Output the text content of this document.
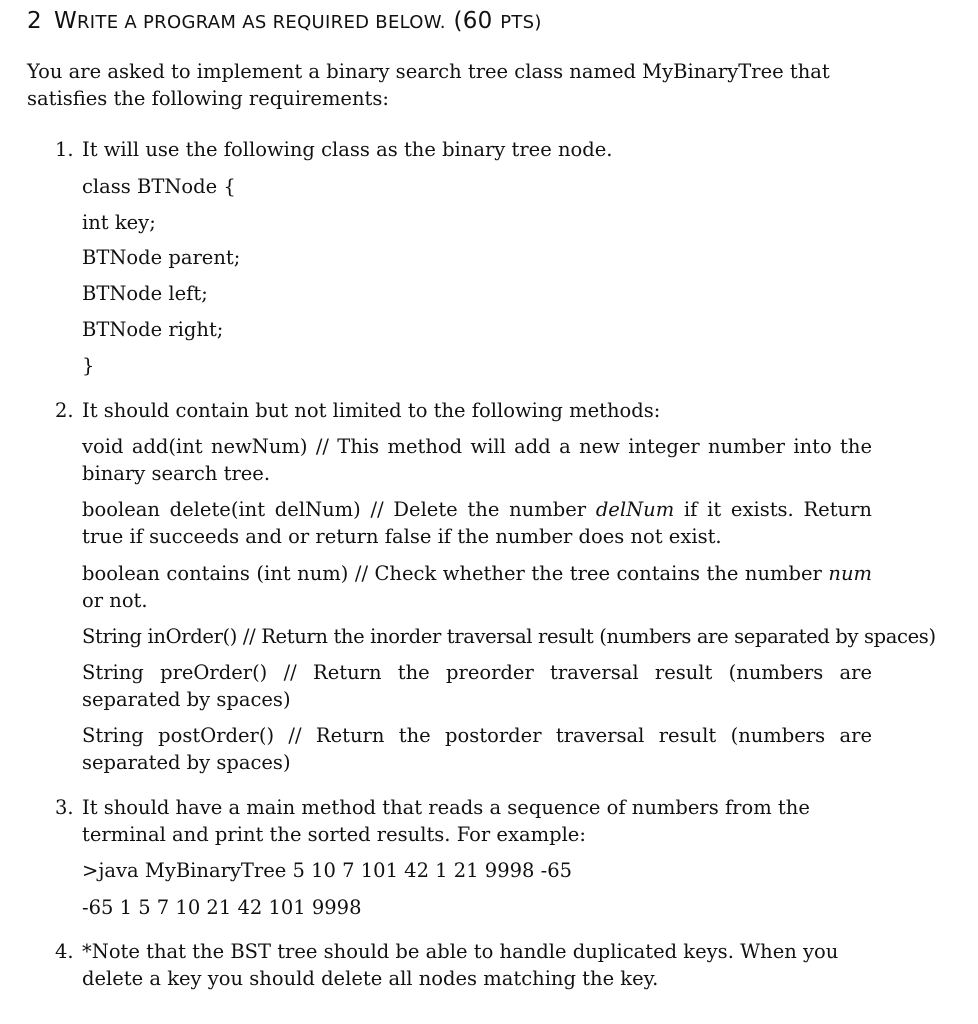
2 WRITE A PROGRAM AS REQUIRED BELOW. (60 PTS)
You are asked to implement a binary search tree class named MyBinaryTree that satisfies the following requirements:
1. It will use the following class as the binary tree node.
class BTNode {
int key;
BTNode parent;
BTNode left;
BTNode right;
}
2. It should contain but not limited to the following methods:
void add(int newNum) // This method will add a new integer number into the binary search tree.
boolean delete(int delNum) // Delete the number delNum if it exists. Return true if succeeds and or return false if the number does not exist.
boolean contains (int num) // Check whether the tree contains the number num or not.
String inOrder() // Return the inorder traversal result (numbers are separated by spaces)
String preOrder() // Return the preorder traversal result (numbers are separated by spaces)
String postOrder() // Return the postorder traversal result (numbers are separated by spaces)
3. It should have a main method that reads a sequence of numbers from the terminal and print the sorted results. For example:
>java MyBinaryTree 5 10 7 101 42 1 21 9998 -65
-65 1 5 7 10 21 42 101 9998
4. *Note that the BST tree should be able to handle duplicated keys. When you delete a key you should delete all nodes matching the key.
